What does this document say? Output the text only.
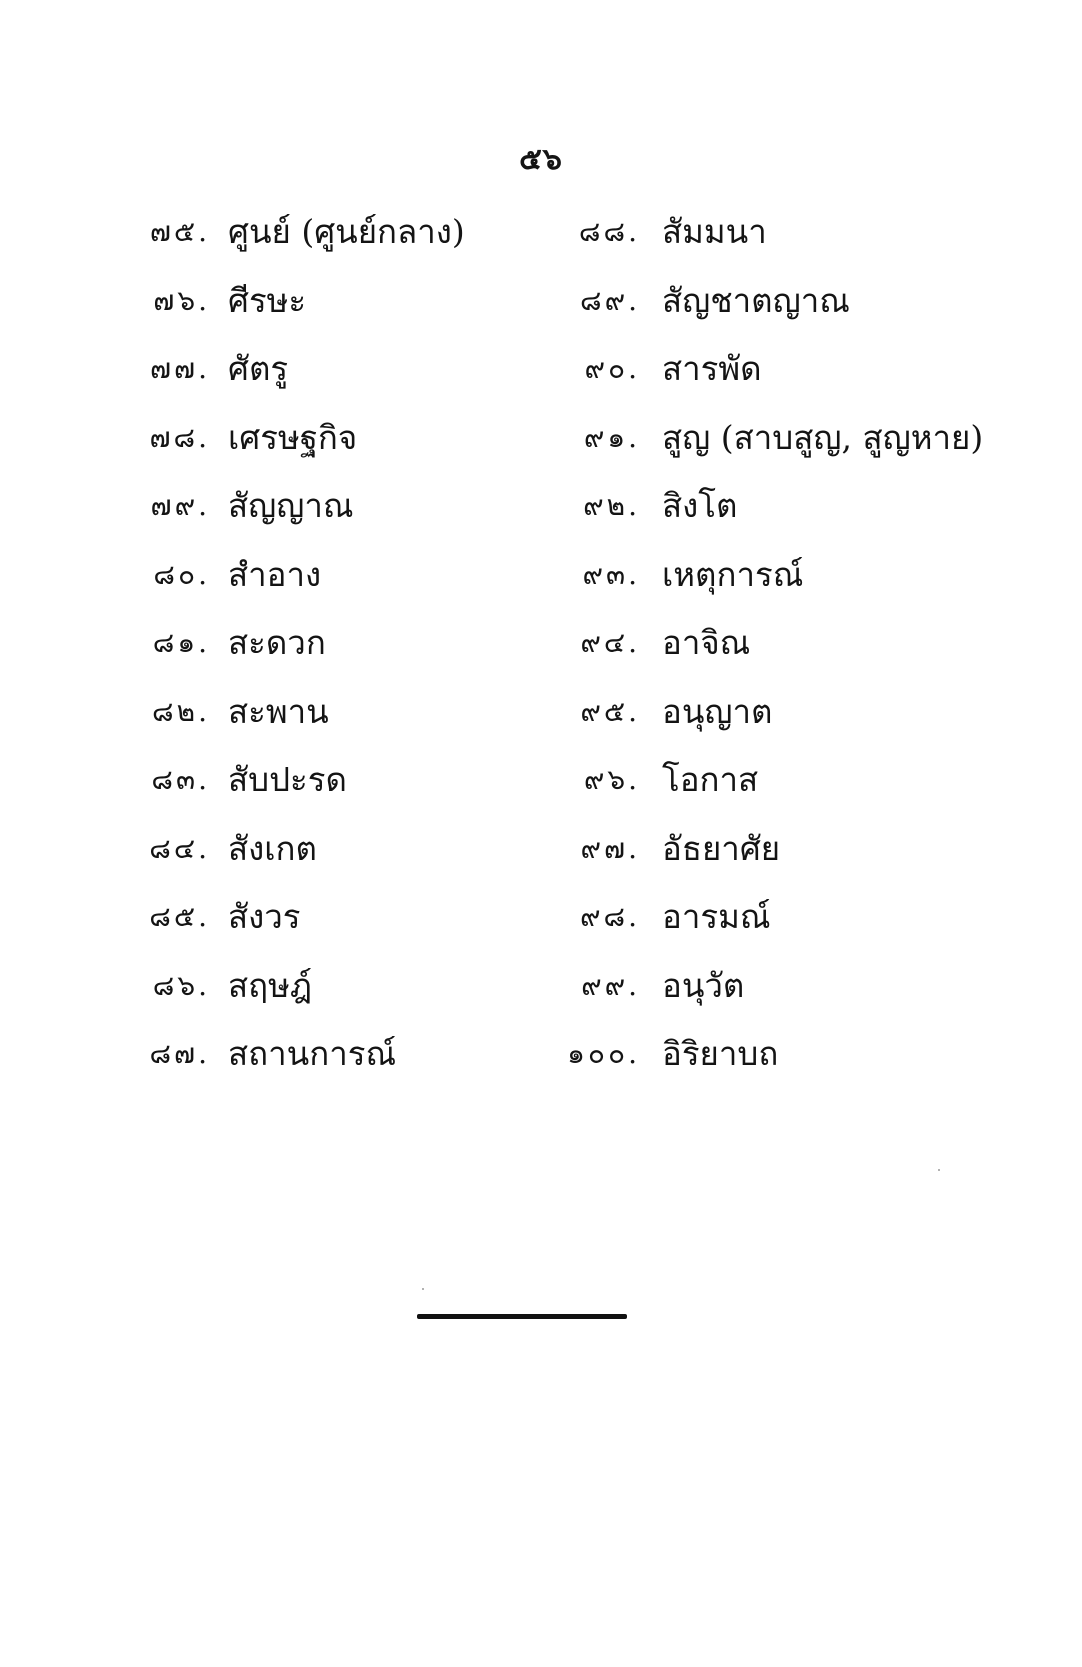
๕๖
๗๕. ศูนย์ (ศูนย์กลาง)
๗๖. ศีรษะ
๗๗. ศัตรู
๗๘. เศรษฐกิจ
๗๙. สัญญาณ
๘๐. สำอาง
๘๑. สะดวก
๘๒. สะพาน
๘๓. สับปะรด
๘๔. สังเกต
๘๕. สังวร
๘๖. สฤษฎ์
๘๗. สถานการณ์
๘๘. สัมมนา
๘๙. สัญชาตญาณ
๙๐. สารพัด
๙๑. สูญ (สาบสูญ, สูญหาย)
๙๒. สิงโต
๙๓. เหตุการณ์
๙๔. อาจิณ
๙๕. อนุญาต
๙๖. โอกาส
๙๗. อัธยาศัย
๙๘. อารมณ์
๙๙. อนุวัต
๑๐๐. อิริยาบถ
